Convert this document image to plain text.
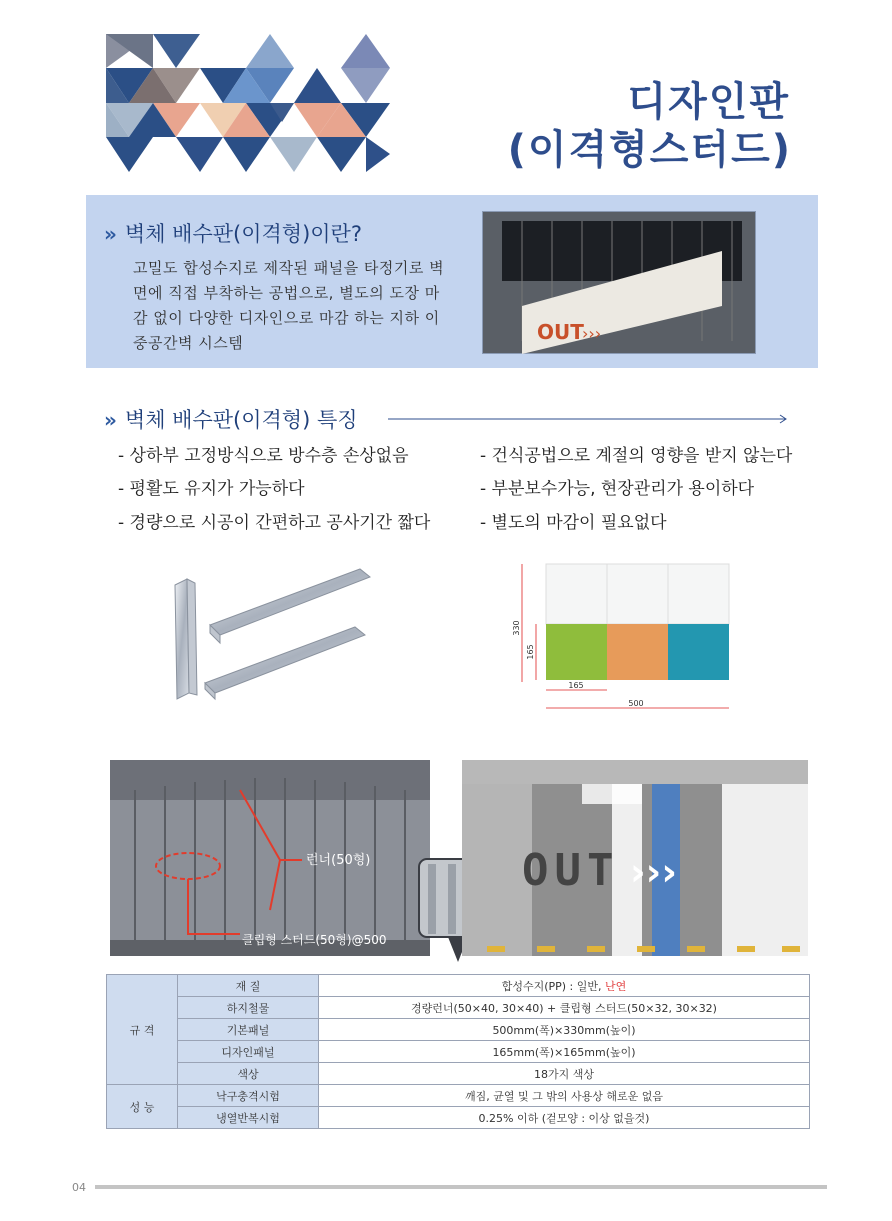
디자인판
(이격형스터드)
» 벽체 배수판(이격형)이란?
고밀도 합성수지로 제작된 패널을 타정기로 벽면에 직접 부착하는 공법으로, 별도의 도장 마감 없이 다양한 디자인으로 마감 하는 지하 이중공간벽 시스템	OUT
›››
» 벽체 배수판(이격형) 특징
- 상하부 고정방식으로 방수층 손상없음
- 평활도 유지가 가능하다
- 경량으로 시공이 간편하고 공사기간 짧다
- 건식공법으로 계절의 영향을 받지 않는다
- 부분보수가능, 현장관리가 용이하다
- 별도의 마감이 필요없다
330
165
165
500
런너(50형)
클립형 스터드(50형)@500
OUT ›››
규 격	재 질	합성수지(PP) : 일반, 난연
	하지철물	경량런너(50×40, 30×40) + 클립형 스터드(50×32, 30×32)
	기본패널	500mm(폭)×330mm(높이)
	디자인패널	165mm(폭)×165mm(높이)
	색상	18가지 색상
성 능	낙구충격시험	깨짐, 균열 및 그 밖의 사용상 해로운 없음
	냉열반복시험	0.25% 이하 (겉모양 : 이상 없을것)
04
